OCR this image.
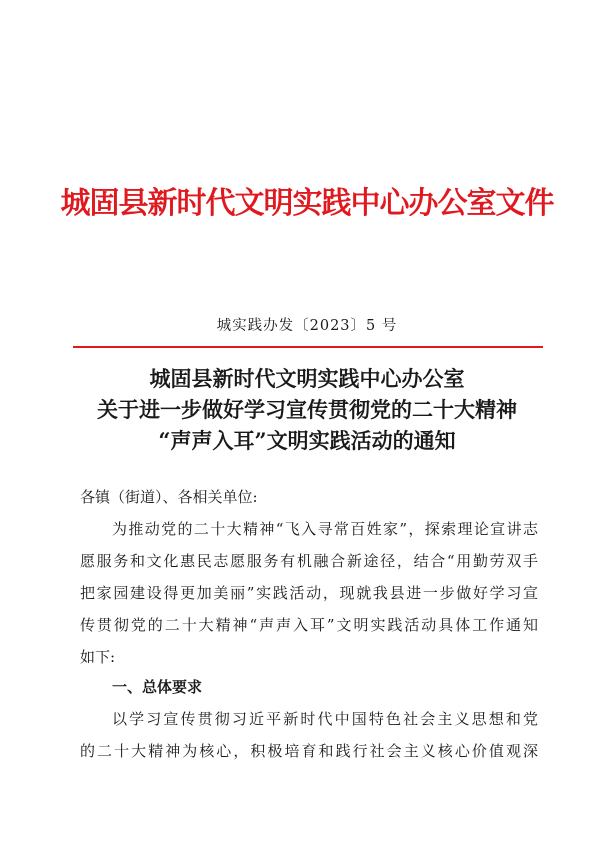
城固县新时代文明实践中心办公室文件
城实践办发〔2023〕5 号
城固县新时代文明实践中心办公室
关于进一步做好学习宣传贯彻党的二十大精神
“声声入耳”文明实践活动的通知
各镇（街道）、各相关单位:
为推动党的二十大精神“飞入寻常百姓家”，探索理论宣讲志
愿服务和文化惠民志愿服务有机融合新途径，结合“用勤劳双手
把家园建设得更加美丽”实践活动，现就我县进一步做好学习宣
传贯彻党的二十大精神“声声入耳”文明实践活动具体工作通知
如下:
一、总体要求
以学习宣传贯彻习近平新时代中国特色社会主义思想和党
的二十大精神为核心，积极培育和践行社会主义核心价值观深
